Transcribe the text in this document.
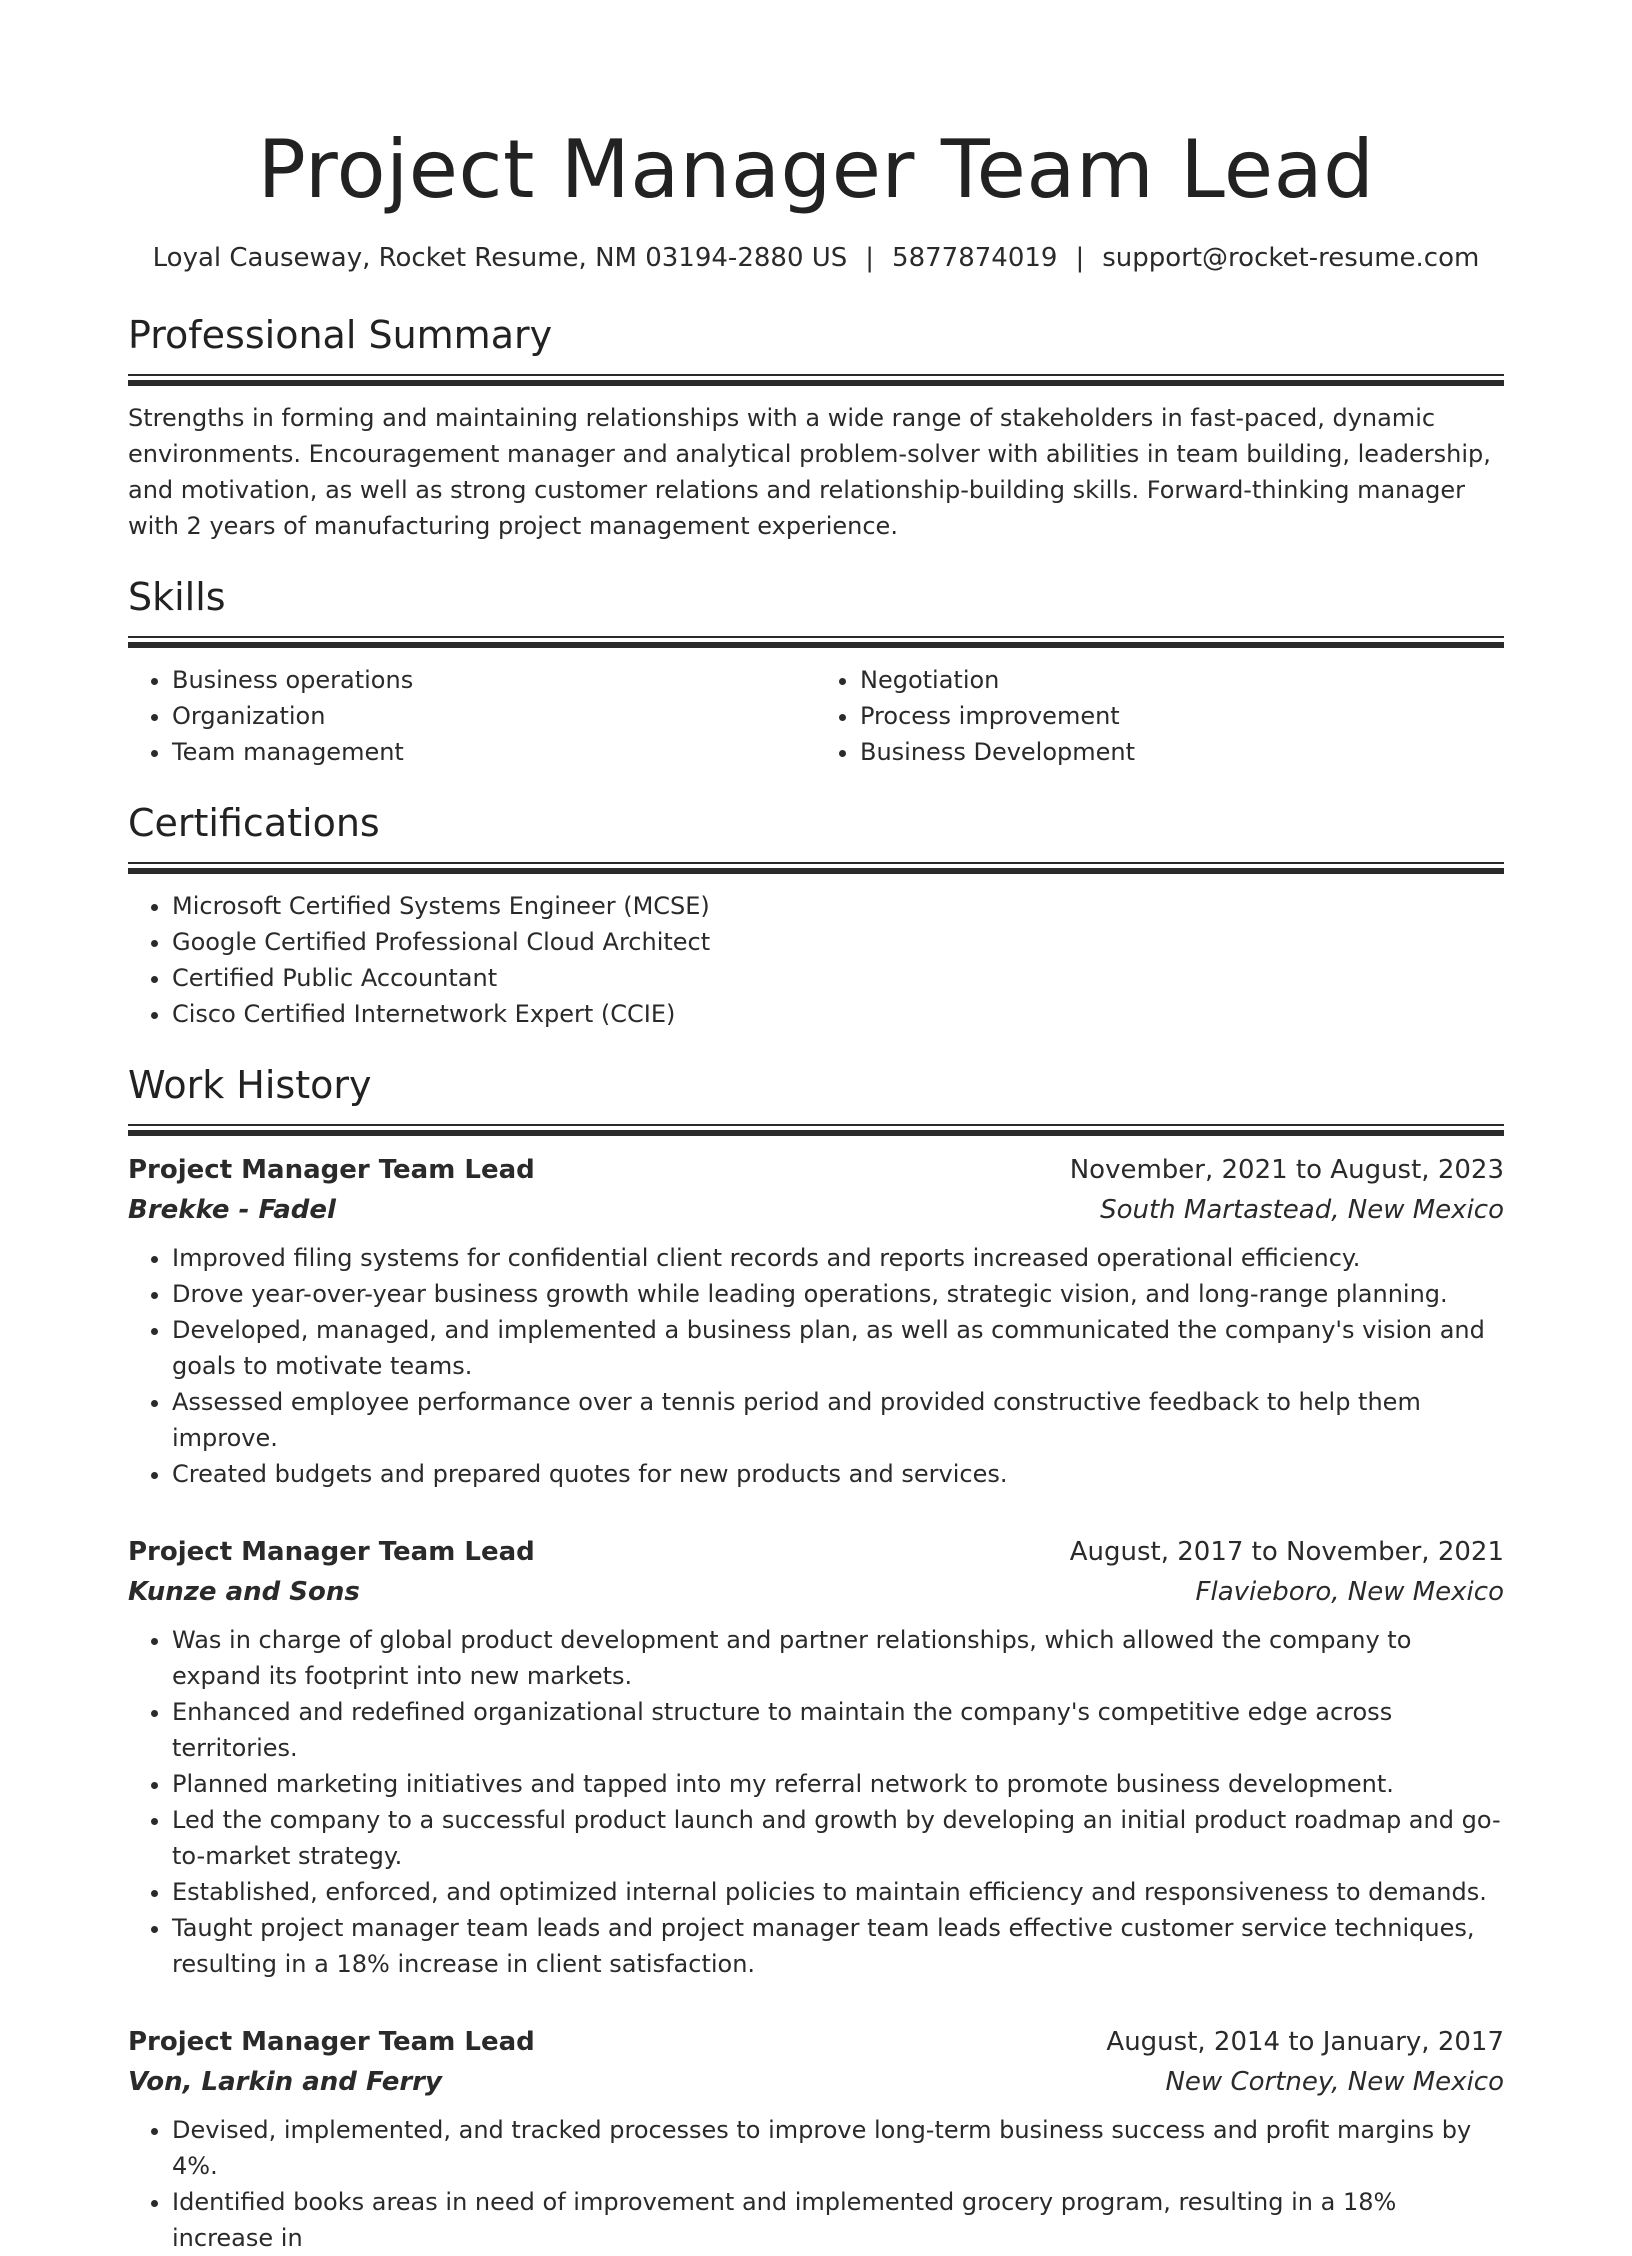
Project Manager Team Lead
Loyal Causeway, Rocket Resume, NM 03194-2880 US | 5877874019 | support@rocket-resume.com
Professional Summary

Strengths in forming and maintaining relationships with a wide range of stakeholders in fast-paced, dynamic environments. Encouragement manager and analytical problem-solver with abilities in team building, leadership, and motivation, as well as strong customer relations and relationship-building skills. Forward-thinking manager with 2 years of manufacturing project management experience.

Skills
• Business operations
• Organization
• Team management
• Negotiation
• Process improvement
• Business Development
Certifications
• Microsoft Certified Systems Engineer (MCSE)
• Google Certified Professional Cloud Architect
• Certified Public Accountant
• Cisco Certified Internetwork Expert (CCIE)
Work History
Project Manager Team Lead	November, 2021 to August, 2023
Brekke - Fadel	South Martastead, New Mexico
• Improved filing systems for confidential client records and reports increased operational efficiency.
• Drove year-over-year business growth while leading operations, strategic vision, and long-range planning.
• Developed, managed, and implemented a business plan, as well as communicated the company's vision and goals to motivate teams.
• Assessed employee performance over a tennis period and provided constructive feedback to help them improve.
• Created budgets and prepared quotes for new products and services.
Project Manager Team Lead	August, 2017 to November, 2021
Kunze and Sons	Flavieboro, New Mexico
• Was in charge of global product development and partner relationships, which allowed the company to expand its footprint into new markets.
• Enhanced and redefined organizational structure to maintain the company's competitive edge across territories.
• Planned marketing initiatives and tapped into my referral network to promote business development.
• Led the company to a successful product launch and growth by developing an initial product roadmap and go-to-market strategy.
• Established, enforced, and optimized internal policies to maintain efficiency and responsiveness to demands.
• Taught project manager team leads and project manager team leads effective customer service techniques, resulting in a 18% increase in client satisfaction.
Project Manager Team Lead	August, 2014 to January, 2017
Von, Larkin and Ferry	New Cortney, New Mexico
• Devised, implemented, and tracked processes to improve long-term business success and profit margins by 4%.
• Identified books areas in need of improvement and implemented grocery program, resulting in a 18% increase in
